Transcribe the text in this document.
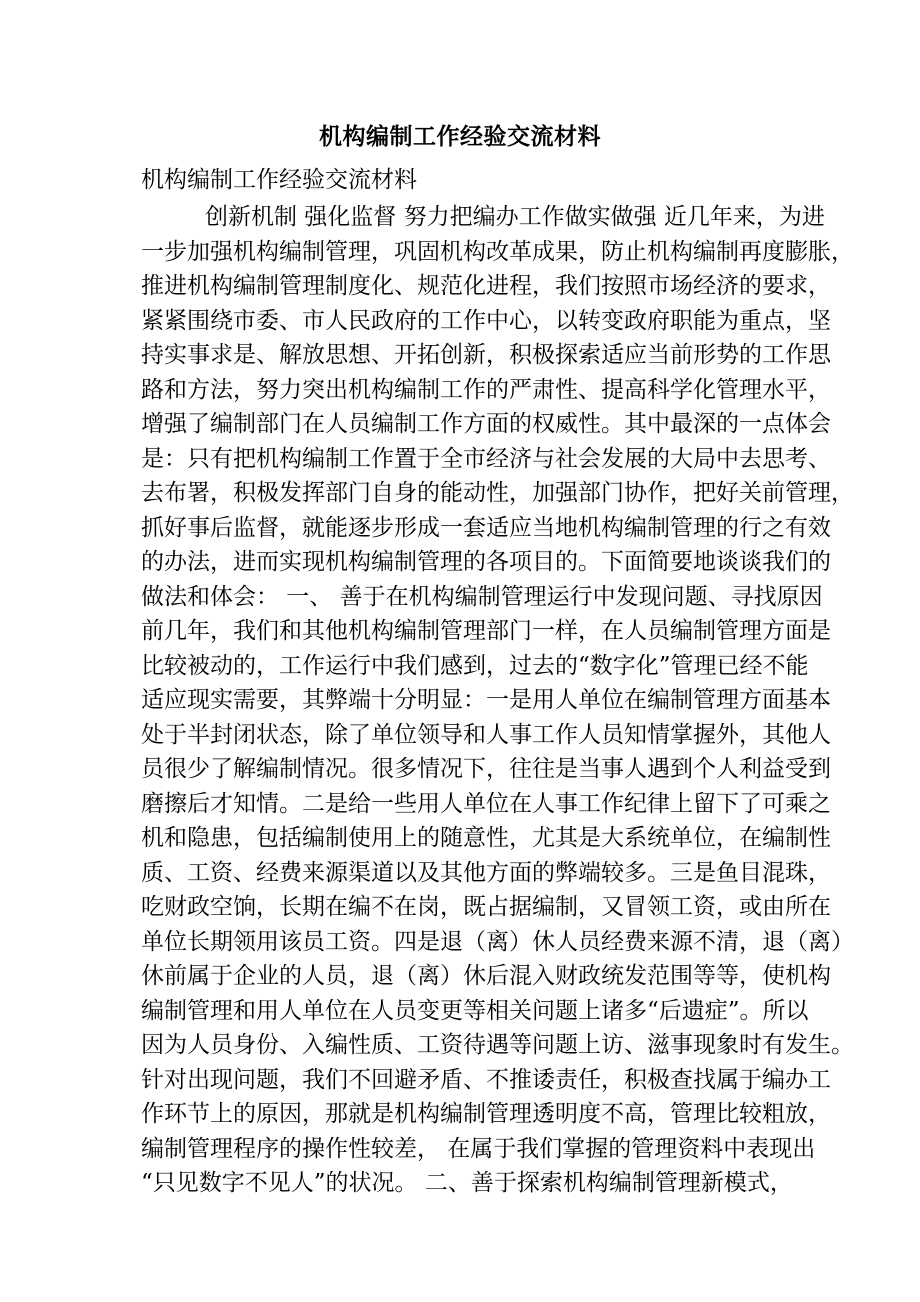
机构编制工作经验交流材料
机构编制工作经验交流材料
创新机制 强化监督 努力把编办工作做实做强 近几年来，为进
一步加强机构编制管理，巩固机构改革成果，防止机构编制再度膨胀，
推进机构编制管理制度化、规范化进程，我们按照市场经济的要求，
紧紧围绕市委、市人民政府的工作中心，以转变政府职能为重点，坚
持实事求是、解放思想、开拓创新，积极探索适应当前形势的工作思
路和方法，努力突出机构编制工作的严肃性、提高科学化管理水平，
增强了编制部门在人员编制工作方面的权威性。其中最深的一点体会
是：只有把机构编制工作置于全市经济与社会发展的大局中去思考、
去布署，积极发挥部门自身的能动性，加强部门协作，把好关前管理，
抓好事后监督，就能逐步形成一套适应当地机构编制管理的行之有效
的办法，进而实现机构编制管理的各项目的。下面简要地谈谈我们的
做法和体会： 一、 善于在机构编制管理运行中发现问题、寻找原因
前几年，我们和其他机构编制管理部门一样，在人员编制管理方面是
比较被动的，工作运行中我们感到，过去的“数字化”管理已经不能
适应现实需要，其弊端十分明显：一是用人单位在编制管理方面基本
处于半封闭状态，除了单位领导和人事工作人员知情掌握外，其他人
员很少了解编制情况。很多情况下，往往是当事人遇到个人利益受到
磨擦后才知情。二是给一些用人单位在人事工作纪律上留下了可乘之
机和隐患，包括编制使用上的随意性，尤其是大系统单位，在编制性
质、工资、经费来源渠道以及其他方面的弊端较多。三是鱼目混珠，
吃财政空饷，长期在编不在岗，既占据编制，又冒领工资，或由所在
单位长期领用该员工资。四是退（离）休人员经费来源不清，退（离）
休前属于企业的人员，退（离）休后混入财政统发范围等等，使机构
编制管理和用人单位在人员变更等相关问题上诸多“后遗症”。所以
因为人员身份、入编性质、工资待遇等问题上访、滋事现象时有发生。
针对出现问题，我们不回避矛盾、不推诿责任，积极查找属于编办工
作环节上的原因，那就是机构编制管理透明度不高，管理比较粗放，
编制管理程序的操作性较差， 在属于我们掌握的管理资料中表现出
“只见数字不见人”的状况。 二、善于探索机构编制管理新模式，
